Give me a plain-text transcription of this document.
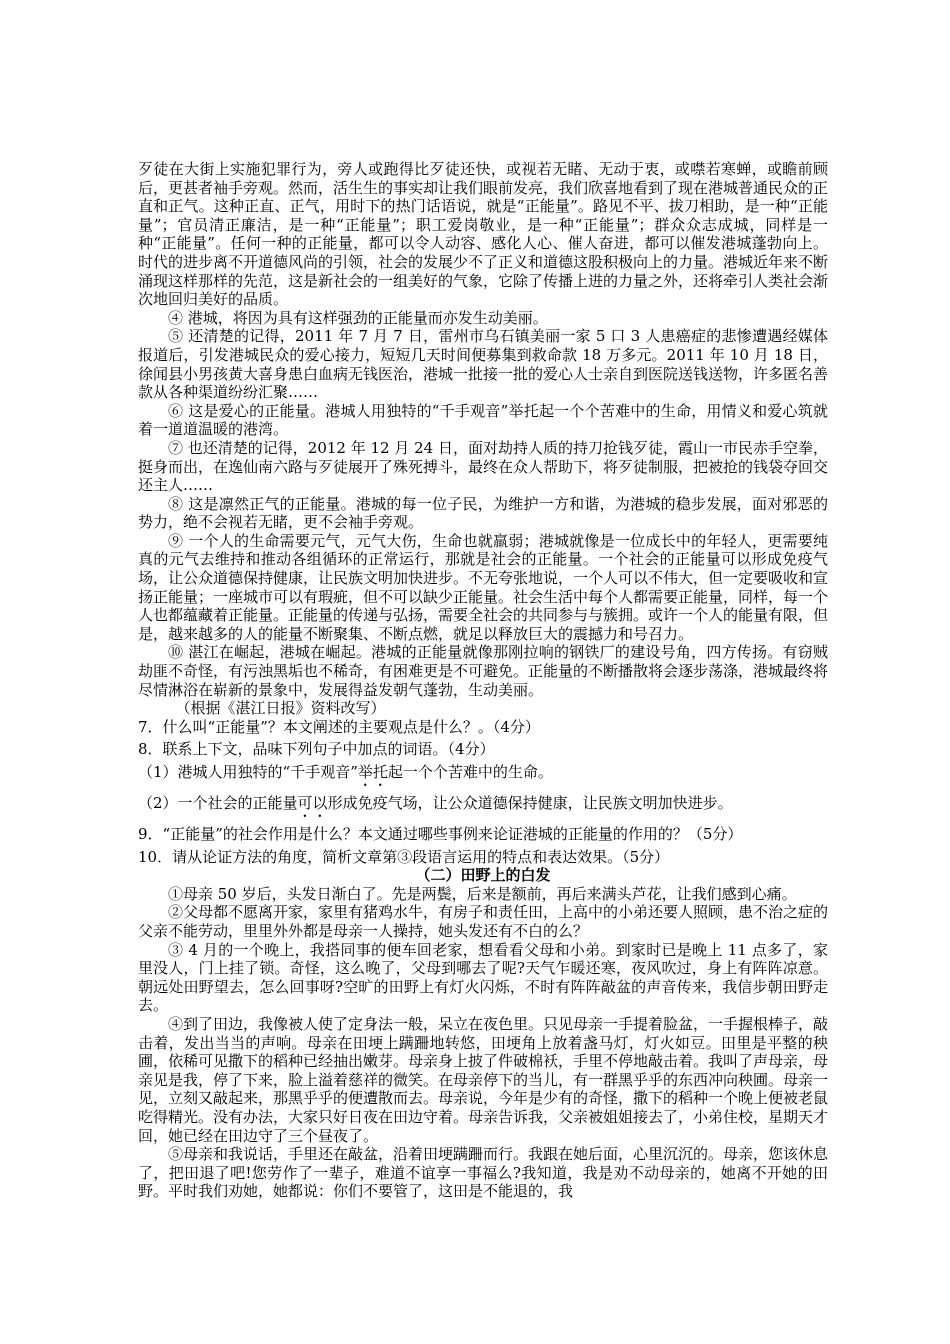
歹徒在大街上实施犯罪行为，旁人或跑得比歹徒还快，或视若无睹、无动于衷，或噤若寒蝉，或瞻前顾后，更甚者袖手旁观。然而，活生生的事实却让我们眼前发亮，我们欣喜地看到了现在港城普通民众的正直和正气。这种正直、正气，用时下的热门话语说，就是“正能量”。路见不平、拔刀相助，是一种“正能量”；官员清正廉洁，是一种“正能量”；职工爱岗敬业，是一种“正能量”；群众众志成城，同样是一种“正能量”。任何一种的正能量，都可以令人动容、感化人心、催人奋进，都可以催发港城蓬勃向上。时代的进步离不开道德风尚的引领，社会的发展少不了正义和道德这股积极向上的力量。港城近年来不断涌现这样那样的先范，这是新社会的一组美好的气象，它除了传播上进的力量之外，还将牵引人类社会渐次地回归美好的品质。

④ 港城，将因为具有这样强劲的正能量而亦发生动美丽。

⑤ 还清楚的记得，2011 年 7 月 7 日，雷州市乌石镇美丽一家 5 口 3 人患癌症的悲惨遭遇经媒体报道后，引发港城民众的爱心接力，短短几天时间便募集到救命款 18 万多元。2011 年 10 月 18 日，徐闻县小男孩黄大喜身患白血病无钱医治，港城一批接一批的爱心人士亲自到医院送钱送物，许多匿名善款从各种渠道纷纷汇聚……

⑥ 这是爱心的正能量。港城人用独特的“千手观音”举托起一个个苦难中的生命，用情义和爱心筑就着一道道温暖的港湾。

⑦ 也还清楚的记得，2012 年 12 月 24 日，面对劫持人质的持刀抢钱歹徒，霞山一市民赤手空拳，挺身而出，在逸仙南六路与歹徒展开了殊死搏斗，最终在众人帮助下，将歹徒制服，把被抢的钱袋夺回交还主人……

⑧ 这是凛然正气的正能量。港城的每一位子民，为维护一方和谐，为港城的稳步发展，面对邪恶的势力，绝不会视若无睹，更不会袖手旁观。

⑨ 一个人的生命需要元气，元气大伤，生命也就羸弱；港城就像是一位成长中的年轻人，更需要纯真的元气去维持和推动各组循环的正常运行，那就是社会的正能量。一个社会的正能量可以形成免疫气场，让公众道德保持健康，让民族文明加快进步。不无夸张地说，一个人可以不伟大，但一定要吸收和宣扬正能量；一座城市可以有瑕疵，但不可以缺少正能量。社会生活中每个人都需要正能量，同样，每一个人也都蕴藏着正能量。正能量的传递与弘扬，需要全社会的共同参与与簇拥。或许一个人的能量有限，但是，越来越多的人的能量不断聚集、不断点燃，就足以释放巨大的震撼力和号召力。

⑩ 湛江在崛起，港城在崛起。港城的正能量就像那刚拉响的钢铁厂的建设号角，四方传扬。有窃贼劫匪不奇怪，有污浊黑垢也不稀奇，有困难更是不可避免。正能量的不断播散将会逐步荡涤，港城最终将尽情淋浴在崭新的景象中，发展得益发朝气蓬勃，生动美丽。

（根据《湛江日报》资料改写）

7．什么叫“正能量”？本文阐述的主要观点是什么？。（4分）

8．联系上下文，品味下列句子中加点的词语。（4分）

（1）港城人用独特的“千手观音”举托起一个个苦难中的生命。

（2）一个社会的正能量可以形成免疫气场，让公众道德保持健康，让民族文明加快进步。

9．“正能量”的社会作用是什么？本文通过哪些事例来论证港城的正能量的作用的？（5分）

10．请从论证方法的角度，简析文章第③段语言运用的特点和表达效果。（5分）

（二）田野上的白发

①母亲 50 岁后，头发日渐白了。先是两鬓，后来是额前，再后来满头芦花，让我们感到心痛。

②父母都不愿离开家，家里有猪鸡水牛，有房子和责任田，上高中的小弟还要人照顾，患不治之症的父亲不能劳动，里里外外都是母亲一人操持，她头发还有不白的么？

③ 4 月的一个晚上，我搭同事的便车回老家，想看看父母和小弟。到家时已是晚上 11 点多了，家里没人，门上挂了锁。奇怪，这么晚了，父母到哪去了呢?天气乍暖还寒，夜风吹过，身上有阵阵凉意。朝远处田野望去，怎么回事呀?空旷的田野上有灯火闪烁，不时有阵阵敲盆的声音传来，我信步朝田野走去。

④到了田边，我像被人使了定身法一般，呆立在夜色里。只见母亲一手提着脸盆，一手握根棒子，敲击着，发出当当的声响。母亲在田埂上蹒跚地转悠，田埂角上放着盏马灯，灯火如豆。田里是平整的秧圃，依稀可见撒下的稻种已经抽出嫩芽。母亲身上披了件破棉袄，手里不停地敲击着。我叫了声母亲，母亲见是我，停了下来，脸上溢着慈祥的微笑。在母亲停下的当儿，有一群黑乎乎的东西冲向秧圃。母亲一见，立刻又敲起来，那黑乎乎的便遭散而去。母亲说，今年是少有的奇怪，撒下的稻种一个晚上便被老鼠吃得精光。没有办法，大家只好日夜在田边守着。母亲告诉我，父亲被姐姐接去了，小弟住校，星期天才回，她已经在田边守了三个昼夜了。

⑤母亲和我说话，手里还在敲盆，沿着田埂蹒跚而行。我跟在她后面，心里沉沉的。母亲，您该休息了，把田退了吧!您劳作了一辈子，难道不谊享一事福么?我知道，我是劝不动母亲的，她离不开她的田野。平时我们劝她，她都说：你们不要管了，这田是不能退的，我
